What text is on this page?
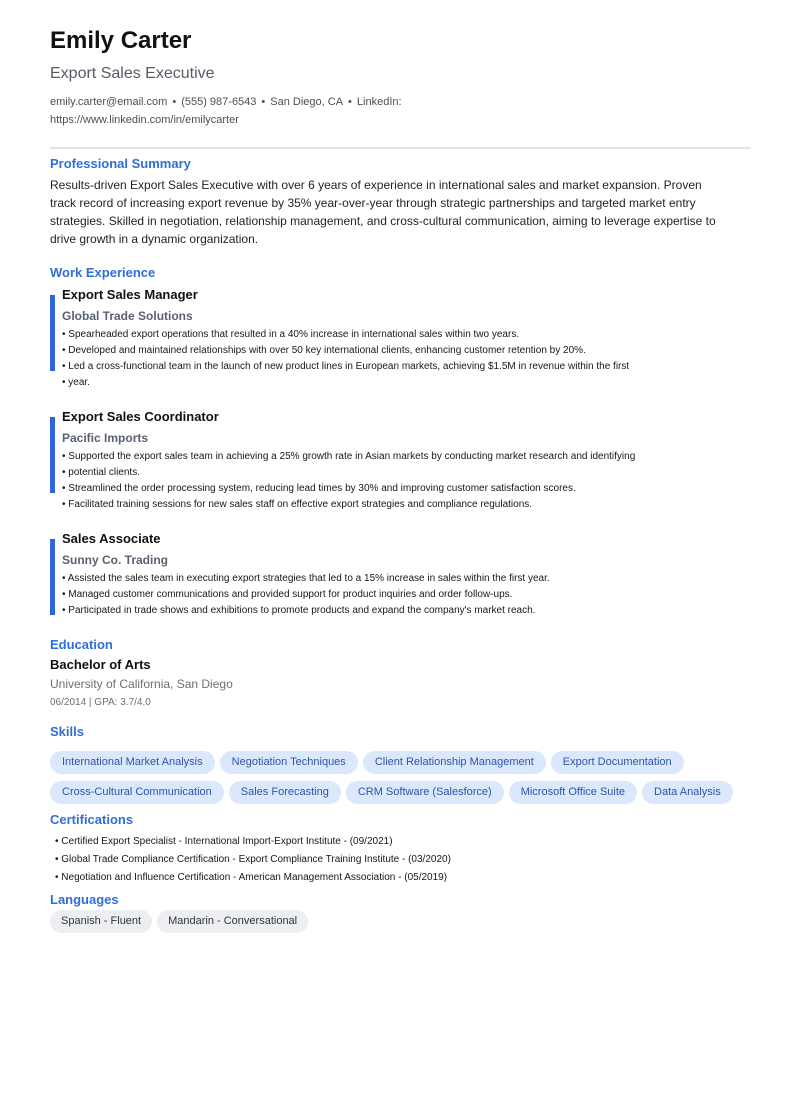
Emily Carter
Export Sales Executive
emily.carter@email.com • (555) 987-6543 • San Diego, CA • LinkedIn: https://www.linkedin.com/in/emilycarter
Professional Summary
Results-driven Export Sales Executive with over 6 years of experience in international sales and market expansion. Proven track record of increasing export revenue by 35% year-over-year through strategic partnerships and targeted market entry strategies. Skilled in negotiation, relationship management, and cross-cultural communication, aiming to leverage expertise to drive growth in a dynamic organization.
Work Experience
Export Sales Manager
Global Trade Solutions
• Spearheaded export operations that resulted in a 40% increase in international sales within two years.
• Developed and maintained relationships with over 50 key international clients, enhancing customer retention by 20%.
• Led a cross-functional team in the launch of new product lines in European markets, achieving $1.5M in revenue within the first
• year.
Export Sales Coordinator
Pacific Imports
• Supported the export sales team in achieving a 25% growth rate in Asian markets by conducting market research and identifying
• potential clients.
• Streamlined the order processing system, reducing lead times by 30% and improving customer satisfaction scores.
• Facilitated training sessions for new sales staff on effective export strategies and compliance regulations.
Sales Associate
Sunny Co. Trading
• Assisted the sales team in executing export strategies that led to a 15% increase in sales within the first year.
• Managed customer communications and provided support for product inquiries and order follow-ups.
• Participated in trade shows and exhibitions to promote products and expand the company's market reach.
Education
Bachelor of Arts
University of California, San Diego
06/2014 | GPA: 3.7/4.0
Skills
International Market Analysis	Negotiation Techniques	Client Relationship Management	Export Documentation
Cross-Cultural Communication	Sales Forecasting	CRM Software (Salesforce)	Microsoft Office Suite	Data Analysis
Certifications
• Certified Export Specialist - International Import-Export Institute - (09/2021)
• Global Trade Compliance Certification - Export Compliance Training Institute - (03/2020)
• Negotiation and Influence Certification - American Management Association - (05/2019)
Languages
Spanish - Fluent Mandarin - Conversational
